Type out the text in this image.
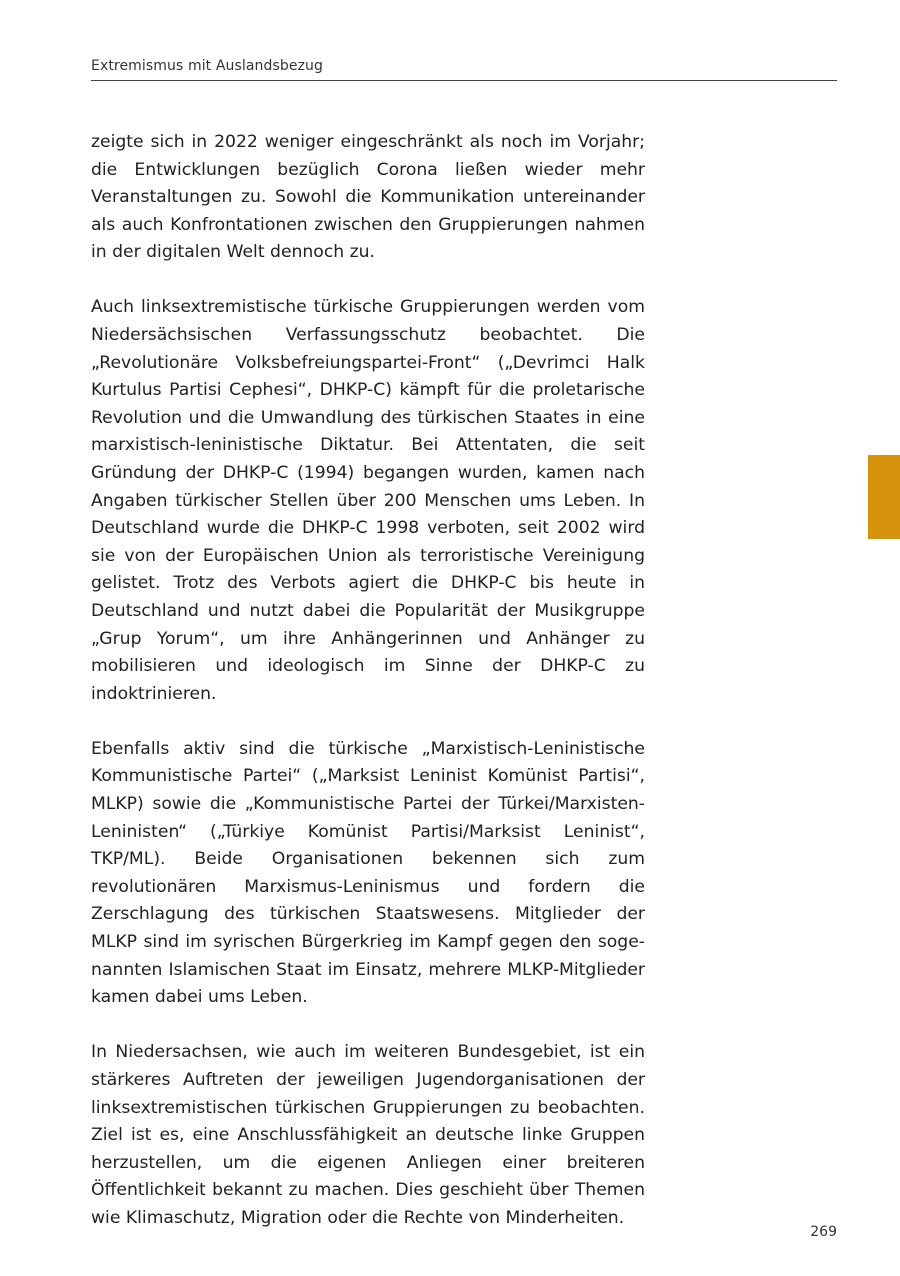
Extremismus mit Auslandsbezug

zeigte sich in 2022 weniger eingeschränkt als noch im Vorjahr; die Entwicklungen bezüglich Corona ließen wieder mehr Veranstaltungen zu. Sowohl die Kommunikation untereinander als auch Konfrontationen zwischen den Gruppierungen nahmen in der digitalen Welt dennoch zu.

Auch linksextremistische türkische Gruppierungen werden vom Niedersächsischen Verfassungsschutz beobachtet. Die „Revolutionäre Volksbefreiungspartei-Front“ („Devrimci Halk Kurtulus Partisi Cephesi“, DHKP-C) kämpft für die proletarische Revolution und die Umwandlung des türkischen Staates in eine marxistisch-leninistische Diktatur. Bei Attentaten, die seit Gründung der DHKP-C (1994) begangen wurden, kamen nach Angaben türkischer Stellen über 200 Menschen ums Leben. In Deutschland wurde die DHKP-C 1998 verboten, seit 2002 wird sie von der Europäischen Union als terroristische Vereinigung gelistet. Trotz des Verbots agiert die DHKP-C bis heute in Deutschland und nutzt dabei die Popularität der Musikgruppe „Grup Yorum“, um ihre Anhängerinnen und Anhänger zu mobilisieren und ideologisch im Sinne der DHKP-C zu indoktrinieren.

Ebenfalls aktiv sind die türkische „Marxistisch-Leninistische Kommunistische Partei“ („Marksist Leninist Komünist Partisi“, MLKP) sowie die „Kommunistische Partei der Türkei/Marxisten-Leninisten“ („Türkiye Komünist Partisi/Marksist Leninist“, TKP/ML). Beide Organisationen bekennen sich zum revolutionären Marxismus-Leninismus und fordern die Zerschlagung des türkischen Staatswesens. Mitglieder der MLKP sind im syrischen Bürgerkrieg im Kampf gegen den sogenannten Islamischen Staat im Einsatz, mehrere MLKP-Mitglieder kamen dabei ums Leben.

In Niedersachsen, wie auch im weiteren Bundesgebiet, ist ein stärkeres Auftreten der jeweiligen Jugendorganisationen der linksextremistischen türkischen Gruppierungen zu beobachten. Ziel ist es, eine Anschlussfähigkeit an deutsche linke Gruppen herzustellen, um die eigenen Anliegen einer breiteren Öffentlichkeit bekannt zu machen. Dies geschieht über Themen wie Klimaschutz, Migration oder die Rechte von Minderheiten.

269
